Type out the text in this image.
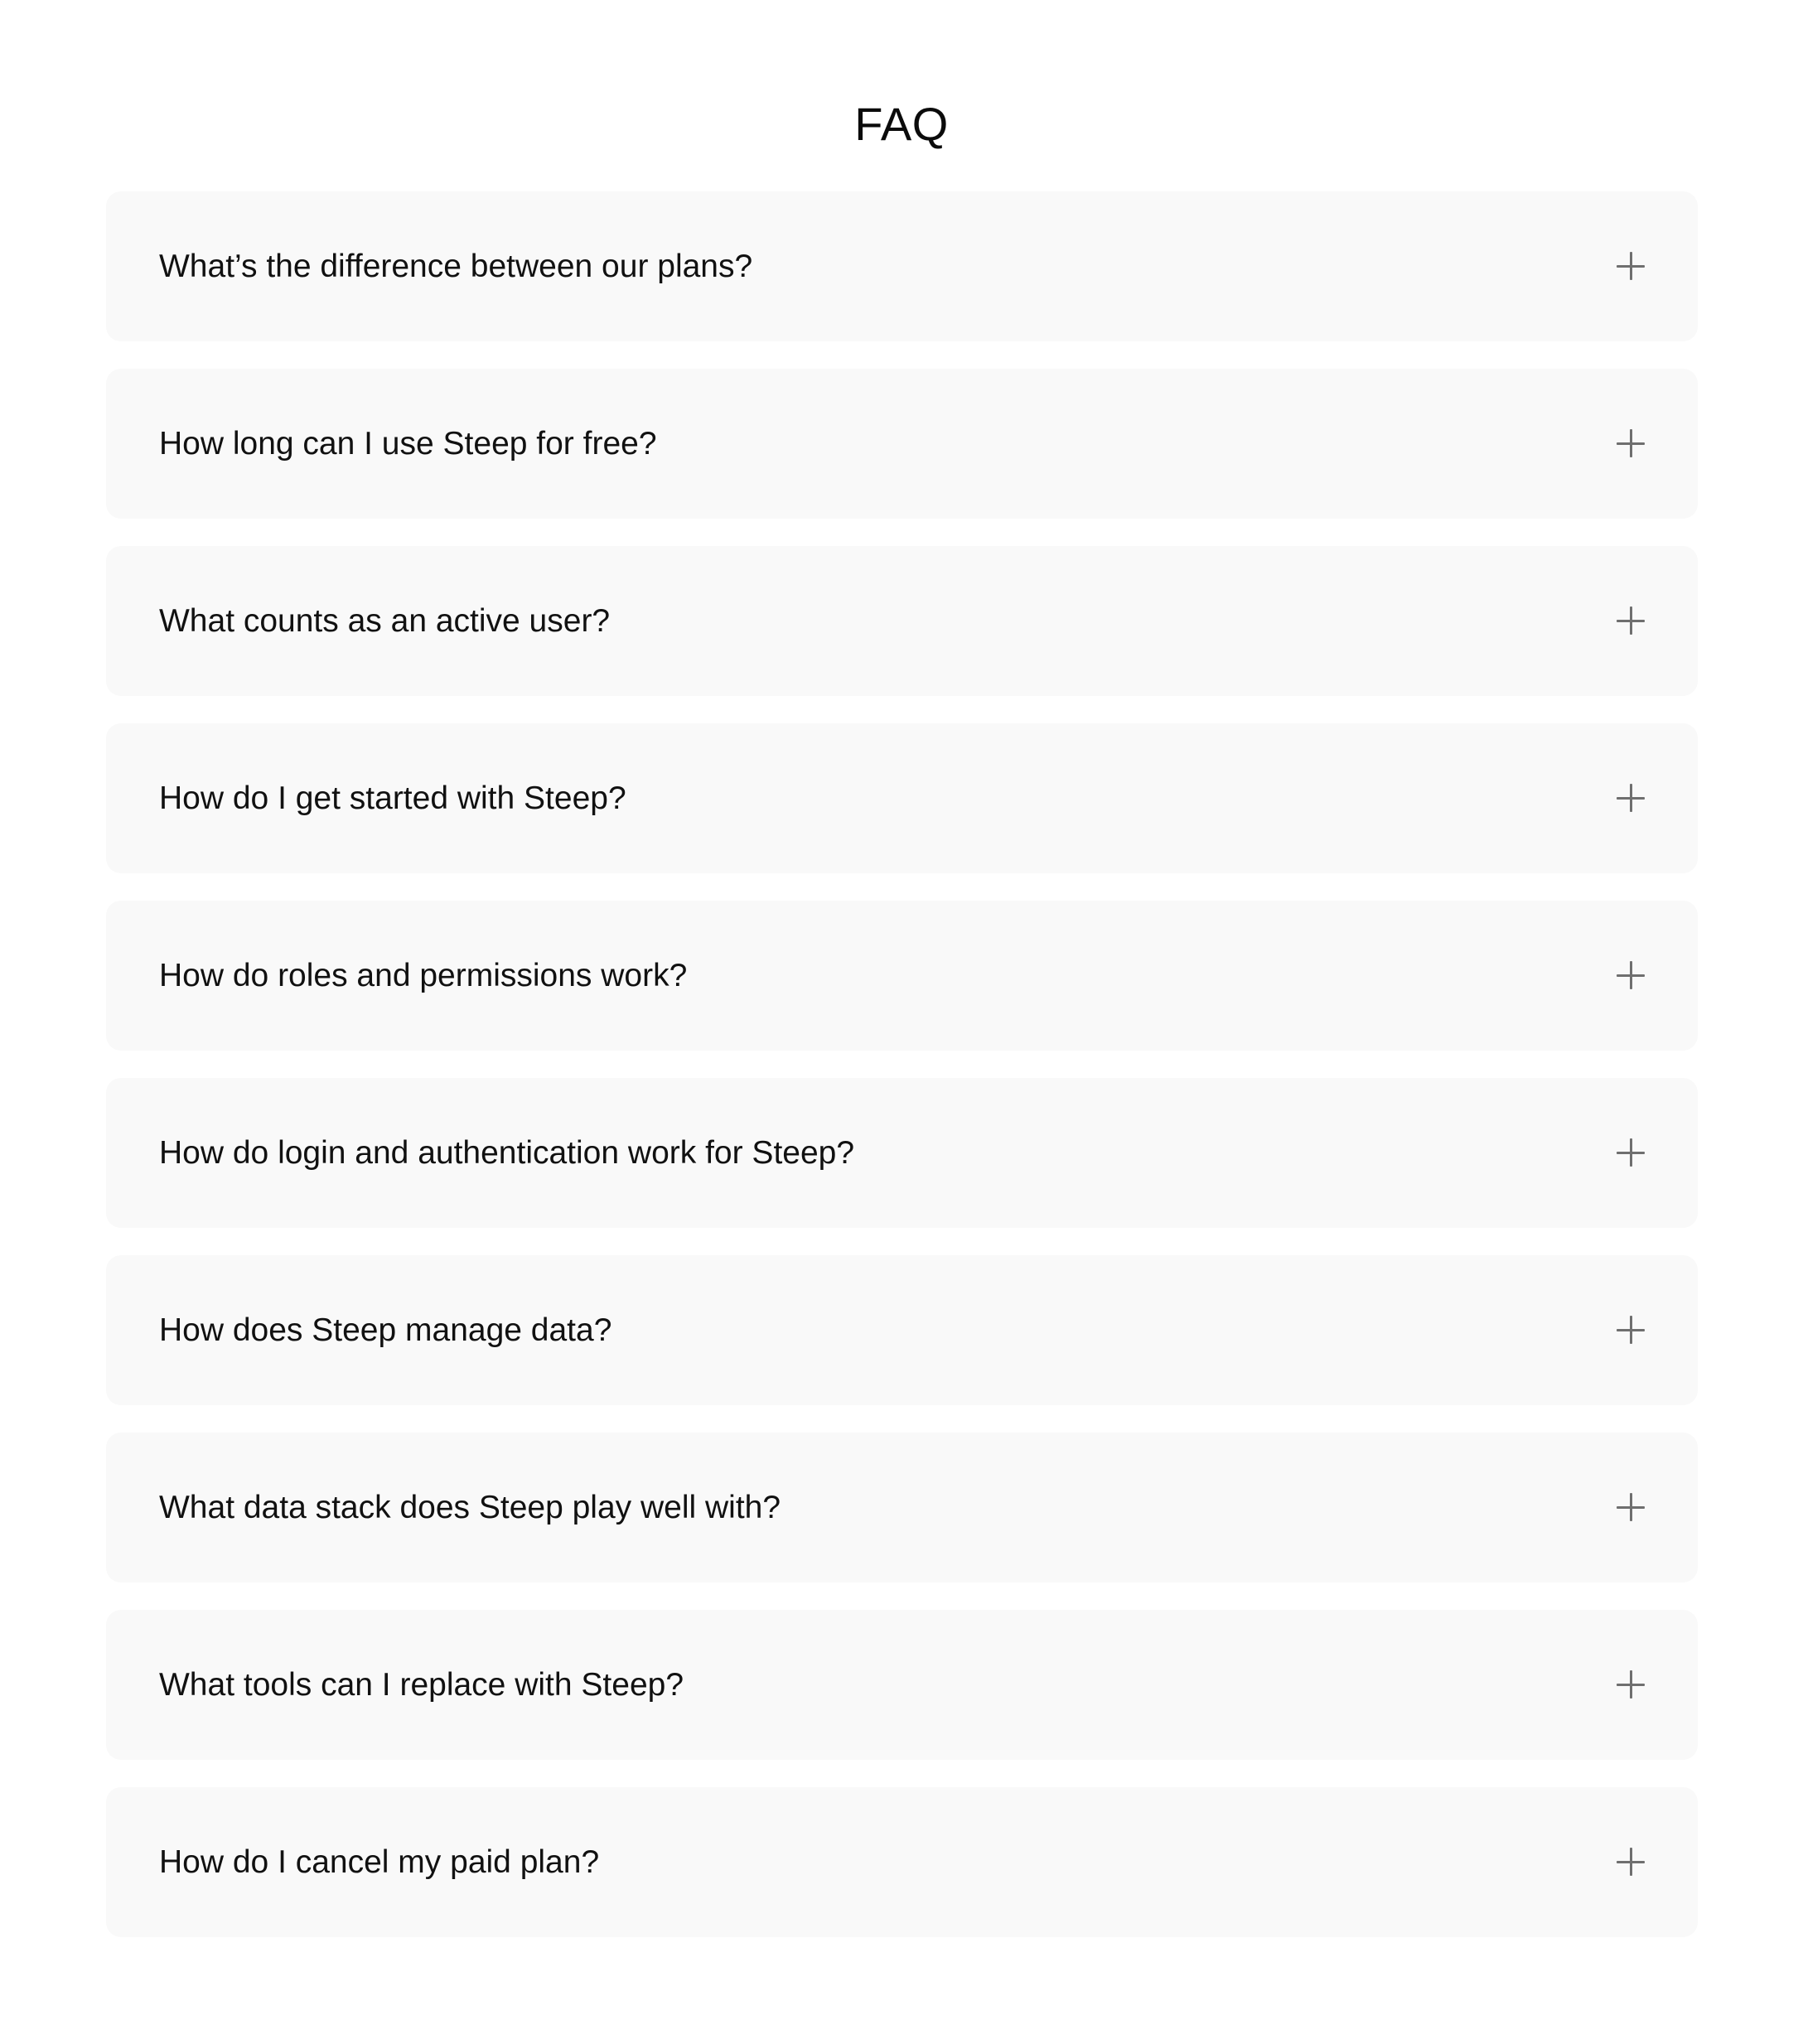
FAQ
What’s the difference between our plans?
How long can I use Steep for free?
What counts as an active user?
How do I get started with Steep?
How do roles and permissions work?
How do login and authentication work for Steep?
How does Steep manage data?
What data stack does Steep play well with?
What tools can I replace with Steep?
How do I cancel my paid plan?
